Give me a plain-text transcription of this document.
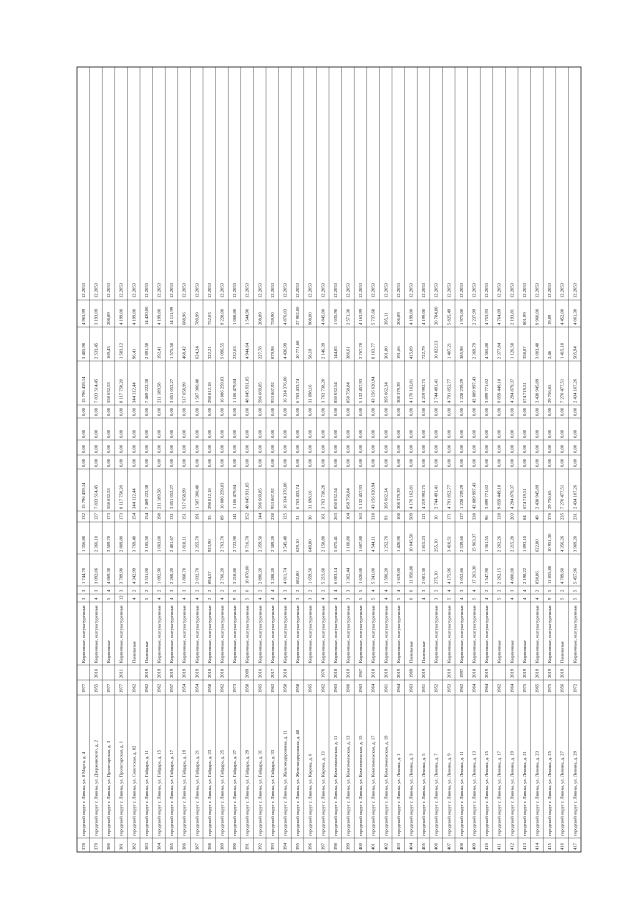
378
городской округ г. Ливны, ул. 8 Марта, д. 4
1977
Кирпичные, оштукатуренные
3
3
1 744,70
1 356,80
132
15 796 459,14
0,00
0,00
0,00
0,00
15 796 459,14
3 405,98
4 963,99
12.2053
379
городской округ г. Ливны, ул. Дзержинского, д. 2
1955
2016
Кирпичные, оштукатуренные
4
3
3 092,06
2 366,10
127
7 833 514,45
0,00
0,00
0,00
0,00
7 833 514,45
2 533,45
3 193,09
12.2053
380
городской округ г. Ливны, ул. Пролетарская, д. 3
1977
Кирпичные
5
4
4 069,30
3 509,70
173
558 632,53
0,00
0,00
0,00
0,00
558 632,53
169,43
208,89
12.2053
381
городской округ г. Ливны, ул. Пролетарская, д. 1
1977
2011
Кирпичные, оштукатуренные
12
3
3 789,90
2 809,80
173
8 117 750,20
0,00
0,00
0,00
0,00
8 117 750,20
1 583,12
4 199,00
12.2053
382
городской округ г. Ливны, ул. Советская, д. 82
1962
Панельные
4
2
4 342,99
3 769,40
154
344 112,44
0,00
0,00
0,00
0,00
344 112,44
96,41
4 199,00
12.2053
383
городской округ г. Ливны, ул. Гайдара, д. 11
1962
2019
Панельные
5
2
3 531,00
3 185,50
154
7 469 222,38
0,00
0,00
0,00
0,00
7 469 222,38
2 891,58
14 420,00
12.2053
384
городской округ г. Ливны, ул. Гайдара, д. 15
1962
2019
Кирпичные, оштукатуренные
4
2
1 092,90
1 063,00
198
211 189,58
0,00
0,00
0,00
0,00
211 189,58
192,41
4 199,00
12.2053
385
городской округ г. Ливны, ул. Гайдара, д. 17
1957
2019
Кирпичные, оштукатуренные
4
3
2 268,20
2 401,67
131
3 851 052,27
0,00
0,00
0,00
0,00
3 851 052,27
1 575,58
14 111,99
12.2053
386
городской округ г. Ливны, ул. Гайдара, д. 19
1954
2019
Кирпичные, оштукатуренные
4
3
1 868,70
1 818,11
151
517 658,99
0,00
0,00
0,00
0,00
517 658,99
468,42
688,96
12.2053
387
городской округ г. Ливны, ул. Гайдара, д. 21
1954
2019
Кирпичные, оштукатуренные
4
2
2 032,70
2 355,70
191
1 507 300,40
0,00
0,00
0,00
0,00
1 507 300,40
624,24
789,99
12.2053
388
городской округ г. Ливны, ул. Гайдара, д. 23
1958
2018
Кирпичные, оштукатуренные
2
2
894,57
923,90
35
298 812,18
0,00
0,00
0,00
0,00
298 812,18
322,21
752,03
12.2053
389
городской округ г. Ливны, ул. Гайдара, д. 25
1962
2018
Кирпичные, оштукатуренные
4
2
2 766,20
2 763,70
89
16 086 259,03
0,00
0,00
0,00
0,00
16 086 259,03
5 096,55
9 228,00
12.2053
390
городской округ г. Ливны, ул. Гайдара, д. 27
1973
Кирпичные, оштукатуренные
9
5
3 218,80
2 722,90
141
1 106 479,84
0,00
0,00
0,00
0,00
1 106 479,84
232,63
1 068,80
12.2053
391
городской округ г. Ливны, ул. Гайдара, д. 29
1958
2009
Кирпичные, оштукатуренные
5
6
10 878,00
9 716,78
352
48 045 931,05
0,00
0,00
0,00
0,00
48 045 931,05
4 944,64
1 544,90
12.2053
392
городской округ г. Ливны, ул. Гайдара, д. 31
1965
2016
Кирпичные, оштукатуренные
4
2
2 896,20
2 359,50
144
596 669,85
0,00
0,00
0,00
0,00
596 669,85
227,78
208,89
12.2053
393
городской округ г. Ливны, ул. Гайдара, д. 33
1962
2017
Кирпичные, оштукатуренные
4
4
3 288,20
2 389,20
238
953 867,92
0,00
0,00
0,00
0,00
953 867,92
879,98
759,90
12.2053
394
городской округ г. Ливны, ул. Железнодорожная, д. 11
1958
2018
Кирпичные, оштукатуренные
4
3
4 011,74
3 545,40
125
16 334 376,00
0,00
0,00
0,00
0,00
16 334 376,00
4 436,99
4 876,03
12.2053
395
городской округ г. Ливны, ул. Железнодорожная, д. 48
1958
Кирпичные, оштукатуренные
3
2
682,80
629,10
31
6 763 433,74
0,00
0,00
0,00
0,00
6 763 433,74
10 771,68
27 902,00
12.2053
396
городской округ г. Ливны, ул. Кирова, д. 6
1965
Кирпичные, оштукатуренные
3
2
1 659,50
649,80
30
31 698,16
0,00
0,00
0,00
0,00
31 698,16
58,19
908,00
12.2053
397
городской округ г. Ливны, ул. Кирова, д. 13
1962
1970
Кирпичные, оштукатуренные
4
2
5 215,60
2 158,80
161
3 763 738,20
0,00
0,00
0,00
0,00
3 763 738,20
2 146,39
4 845,00
12.2053
398
городской округ г. Ливны, ул. Комсомольская, д. 11
1963
2018
Кирпичные, оштукатуренные
4
4
6 003,14
5 875,41
263
850 032,54
0,00
0,00
0,00
0,00
850 032,54
144,85
1 035,90
12.2053
399
городской округ г. Ливны, ул. Комсомольская, д. 13
1960
2019
Кирпичные, оштукатуренные
3
3
1 362,44
1 160,80
104
858 758,84
0,00
0,00
0,00
0,00
858 758,84
386,61
2 571,30
12.2053
400
городской округ г. Ливны, ул. Комсомольская, д. 15
1963
1967
Кирпичные, оштукатуренные
5
5
1 620,00
1 607,80
163
5 132 457,93
0,00
0,00
0,00
0,00
5 132 457,93
2 767,78
4 163,99
12.2053
401
городской округ г. Ливны, ул. Комсомольская, д. 17
1964
2018
Кирпичные, оштукатуренные
5
4
5 341,00
4 544,11
318
43 156 620,94
0,00
0,00
0,00
0,00
43 156 620,94
8 163,77
5 737,68
12.2053
402
городской округ г. Ливны, ул. Комсомольская, д. 19
1961
2019
Кирпичные, оштукатуренные
4
4
1 596,20
1 252,70
93
395 662,34
0,00
0,00
0,00
0,00
395 662,34
301,80
395,11
12.2053
403
городской округ г. Ливны, ул. Ленина, д. 1
1964
2019
Кирпичные, оштукатуренные
5
4
1 619,00
1 420,90
108
308 379,39
0,00
0,00
0,00
0,00
308 379,39
191,66
206,89
12.2053
404
городской округ г. Ливны, ул. Ленина, д. 3
1963
1969
Панельные
6
6
11 956,80
10 045,50
509
4 170 162,81
0,00
0,00
0,00
0,00
4 170 162,81
415,09
4 199,00
12.2053
405
городской округ г. Ливны, ул. Ленина, д. 5
1951
2019
Панельные
4
3
2 001,30
1 815,23
121
4 219 992,75
0,00
0,00
0,00
0,00
4 219 992,75
722,79
4 199,00
12.2053
406
городской округ г. Ливны, ул. Ленина, д. 7
1952
Кирпичные, оштукатуренные
3
2
275,10
255,10
10
2 744 491,41
0,00
0,00
0,00
0,00
2 744 491,41
10 822,13
20 784,00
12.2053
407
городской округ г. Ливны, ул. Ленина, д. 9
1953
2019
Кирпичные, оштукатуренные
5
4
4 175,96
3 410,51
171
4 791 852,77
0,00
0,00
0,00
0,00
4 791 852,77
1 407,21
5 825,49
12.2053
408
городской округ г. Ливны, ул. Ленина, д. 11
1962
1997
Кирпичные, оштукатуренные
4
3
3 052,86
2 539,60
127
1 228 239,29
0,00
0,00
0,00
0,00
1 228 239,29
385,98
1 975,00
12.2053
409
городской округ г. Ливны, ул. Ленина, д. 13
1964
2018
Кирпичные, оштукатуренные
5
4
17 263,30
15 963,37
338
42 889 997,43
0,00
0,00
0,00
0,00
42 889 997,43
2 369,79
2 237,99
12.2053
410
городской округ г. Ливны, ул. Ленина, д. 15
1964
2019
Кирпичные, оштукатуренные
4
2
1 547,90
1 361,55
96
3 899 771,02
0,00
0,00
0,00
0,00
3 899 771,02
4 365,88
4 753,93
12.2053
411
городской округ г. Ливны, ул. Ленина, д. 17
1962
Кирпичные
5
2
2 262,15
2 262,26
128
9 859 449,18
0,00
0,00
0,00
0,00
9 859 449,18
2 377,84
4 764,09
12.2053
412
городской округ г. Ливны, ул. Ленина, д. 19
1964
2019
Кирпичные
4
3
4 800,00
2 215,20
203
4 294 879,37
0,00
0,00
0,00
0,00
4 294 879,37
1 126,58
2 193,81
12.2053
413
городской округ г. Ливны, ул. Ленина, д. 21
1975
2019
Кирпичные
4
4
2 198,22
1 893,10
84
674 719,51
0,00
0,00
0,00
0,00
674 719,51
358,87
801,99
12.2053
414
городской округ г. Ливны, ул. Ленина, д. 23
1965
2019
Кирпичные, оштукатуренные
4
2
838,86
622,80
49
2 438 945,89
0,00
0,00
0,00
0,00
2 438 945,89
3 003,48
9 960,00
12.2053
415
городской округ г. Ливны, ул. Ленина, д. 25
1975
2019
Кирпичные, оштукатуренные
9
5
11 855,80
10 951,30
376
29 756,65
0,00
0,00
0,00
0,00
29 756,65
2,46
19,89
12.2053
416
городской округ г. Ливны, ул. Ленина, д. 27
1956
2019
Панельные
5
2
4 789,60
4 356,26
235
7 270 477,51
0,00
0,00
0,00
0,00
7 270 477,51
1 415,18
4 452,00
12.2053
417
городской округ г. Ливны, ул. Ленина, д. 29
1972
Кирпичные, оштукатуренные
5
5
5 457,96
3 969,20
231
2 434 107,26
0,00
0,00
0,00
0,00
2 434 107,26
505,94
4 061,30
12.2053
